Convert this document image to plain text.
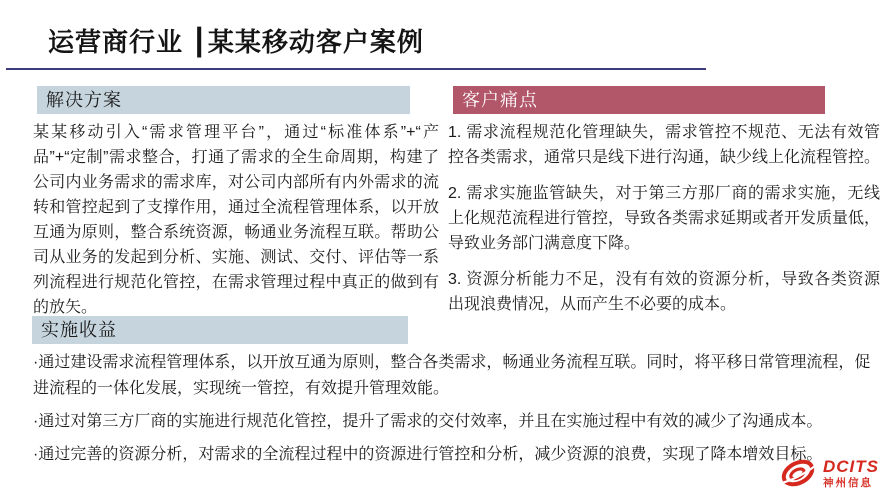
运营商行业 ┃某某移动客户案例
解决方案

某某移动引入“需求管理平台”，通过“标准体系”+“产品”+“定制”需求整合，打通了需求的全生命周期，构建了公司内业务需求的需求库，对公司内部所有内外需求的流转和管控起到了支撑作用，通过全流程管理体系，以开放互通为原则，整合系统资源，畅通业务流程互联。帮助公司从业务的发起到分析、实施、测试、交付、评估等一系列流程进行规范化管控，在需求管理过程中真正的做到有的放矢。

客户痛点

1. 需求流程规范化管理缺失，需求管控不规范、无法有效管控各类需求，通常只是线下进行沟通，缺少线上化流程管控。

2. 需求实施监管缺失，对于第三方那厂商的需求实施，无线上化规范流程进行管控，导致各类需求延期或者开发质量低，导致业务部门满意度下降。

3. 资源分析能力不足，没有有效的资源分析，导致各类资源出现浪费情况，从而产生不必要的成本。

实施收益

·通过建设需求流程管理体系，以开放互通为原则，整合各类需求，畅通业务流程互联。同时，将平移日常管理流程，促进流程的一体化发展，实现统一管控，有效提升管理效能。

·通过对第三方厂商的实施进行规范化管控，提升了需求的交付效率，并且在实施过程中有效的减少了沟通成本。

·通过完善的资源分析，对需求的全流程过程中的资源进行管控和分析，减少资源的浪费，实现了降本增效目标。

DCITS
神州信息
